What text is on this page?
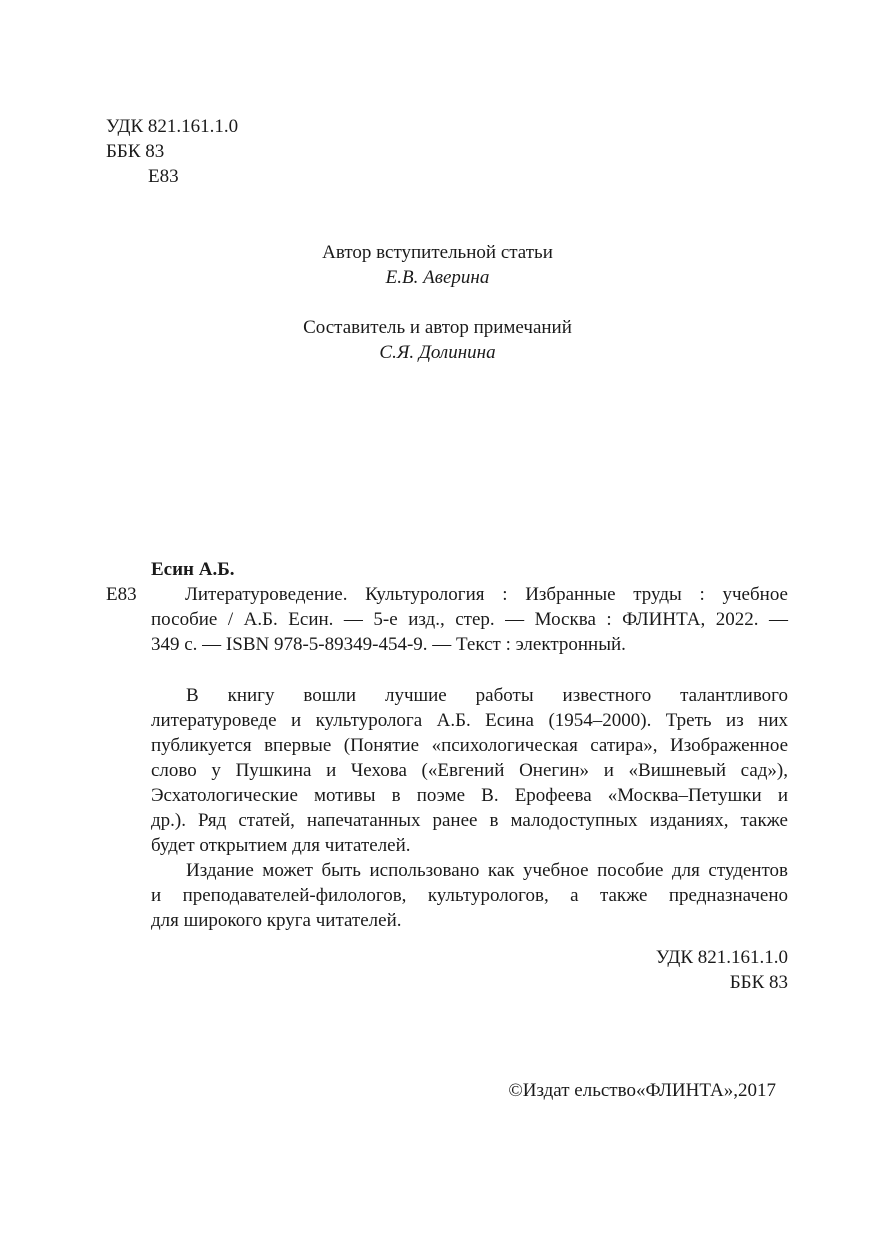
УДК 821.161.1.0
ББК 83
Е83
Автор вступительной статьи
Е.В. Аверина
Составитель и автор примечаний
С.Я. Долинина
Есин А.Б.
Е83	Литературоведение. Культурология : Избранные труды : учебное
пособие / А.Б. Есин. — 5-е изд., стер. — Москва : ФЛИНТА, 2022. —
349 с. — ISBN 978-5-89349-454-9. — Текст : электронный.
В книгу вошли лучшие работы известного талантливого
литературоведе и культуролога А.Б. Есина (1954–2000). Треть из них
публикуется впервые (Понятие «психологическая сатира», Изображенное
слово у Пушкина и Чехова («Евгений Онегин» и «Вишневый сад»),
Эсхатологические мотивы в поэме В. Ерофеева «Москва–Петушки и
др.). Ряд статей, напечатанных ранее в малодоступных изданиях, также
будет открытием для читателей.
Издание может быть использовано как учебное пособие для студентов
и преподавателей-филологов, культурологов, а также предназначено
для широкого круга читателей.
УДК 821.161.1.0
ББК 83
©Издат ельство«ФЛИНТА»,2017
